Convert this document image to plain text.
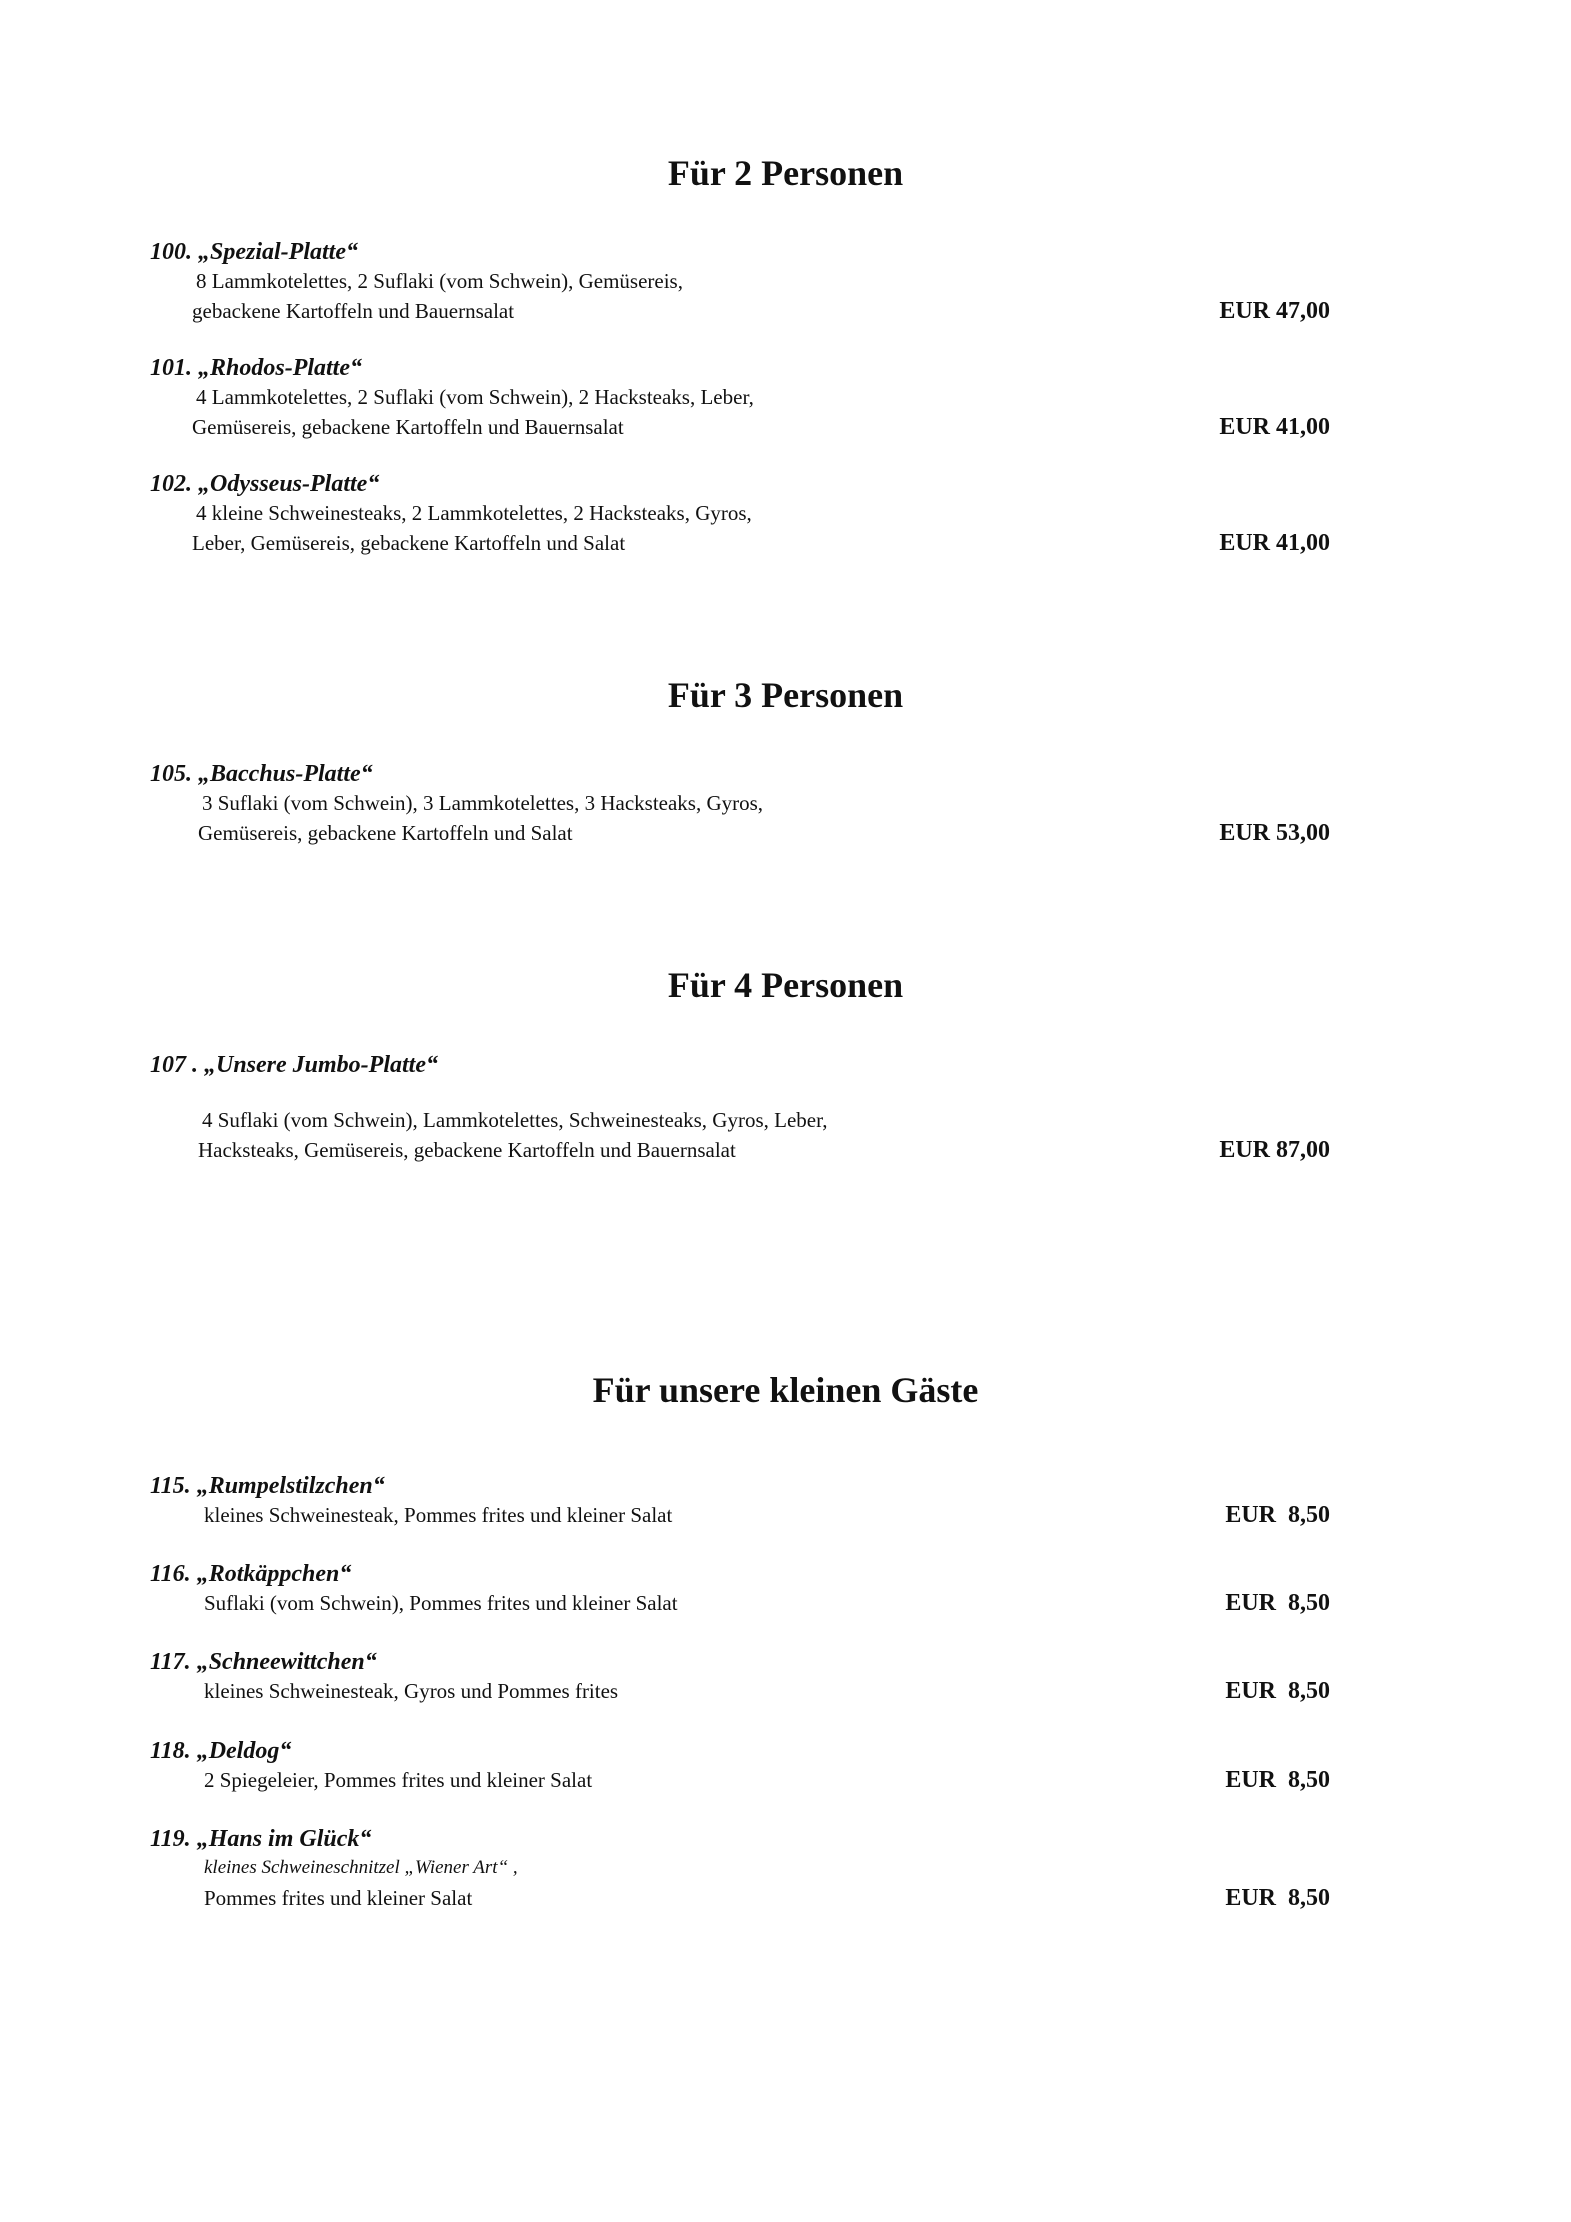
Für 2 Personen
100. „Spezial-Platte“
8 Lammkotelettes, 2 Suflaki (vom Schwein), Gemüsereis,
gebackene Kartoffeln und Bauernsalat	EUR 47,00
101. „Rhodos-Platte“
4 Lammkotelettes, 2 Suflaki (vom Schwein), 2 Hacksteaks, Leber,
Gemüsereis, gebackene Kartoffeln und Bauernsalat	EUR 41,00
102. „Odysseus-Platte“
4 kleine Schweinesteaks, 2 Lammkotelettes, 2 Hacksteaks, Gyros,
Leber, Gemüsereis, gebackene Kartoffeln und Salat	EUR 41,00
Für 3 Personen
105. „Bacchus-Platte“
3 Suflaki (vom Schwein), 3 Lammkotelettes, 3 Hacksteaks, Gyros,
Gemüsereis, gebackene Kartoffeln und Salat	EUR 53,00
Für 4 Personen
107 . „Unsere Jumbo-Platte“
4 Suflaki (vom Schwein), Lammkotelettes, Schweinesteaks, Gyros, Leber,
Hacksteaks, Gemüsereis, gebackene Kartoffeln und Bauernsalat	EUR 87,00
Für unsere kleinen Gäste
115. „Rumpelstilzchen“
kleines Schweinesteak, Pommes frites und kleiner Salat	EUR  8,50
116. „Rotkäppchen“
Suflaki (vom Schwein), Pommes frites und kleiner Salat	EUR  8,50
117. „Schneewittchen“
kleines Schweinesteak, Gyros und Pommes frites	EUR  8,50
118. „Deldog“
2 Spiegeleier, Pommes frites und kleiner Salat	EUR  8,50
119. „Hans im Glück“
kleines Schweineschnitzel „Wiener Art“ ,
Pommes frites und kleiner Salat	EUR  8,50
